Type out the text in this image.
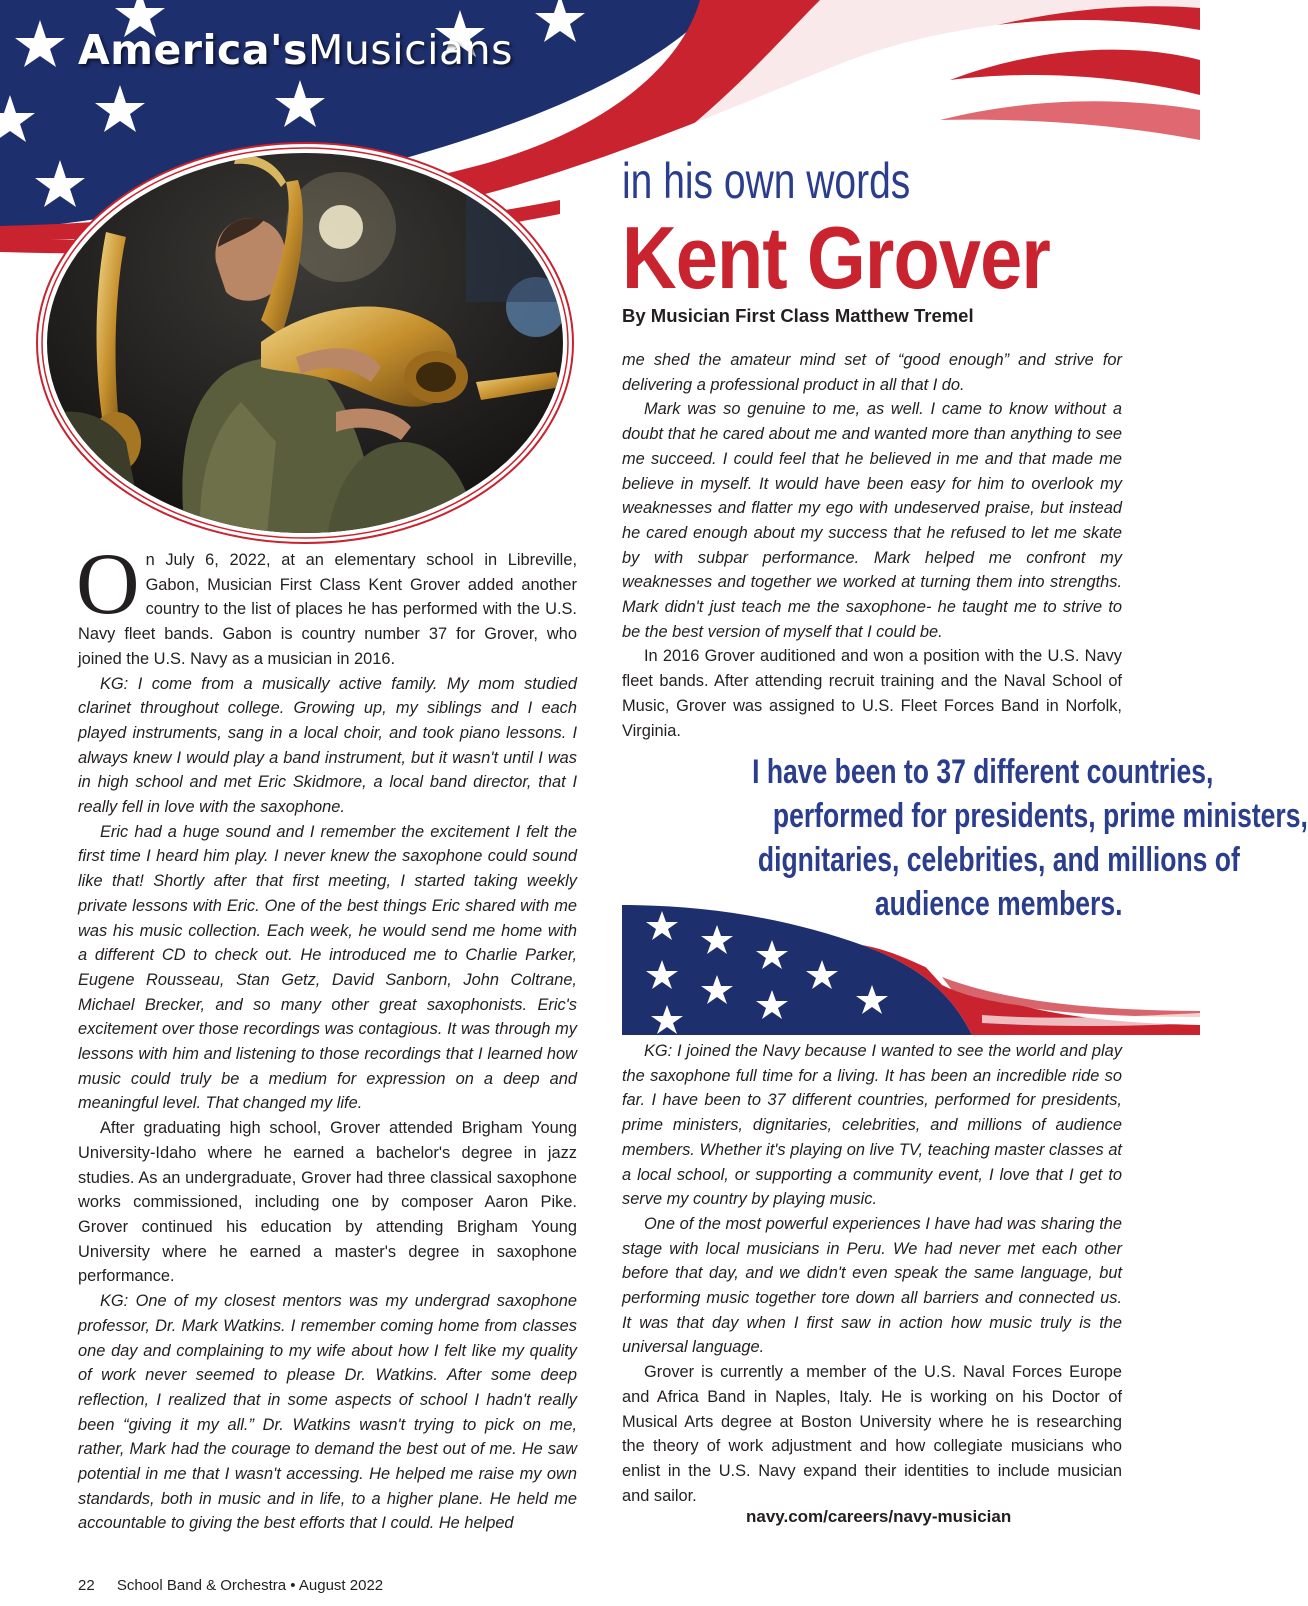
America'sMusicians
in his own words
Kent Grover
By Musician First Class Matthew Tremel

On July 6, 2022, at an elementary school in Libreville, Gabon, Musician First Class Kent Grover added another country to the list of places he has performed with the U.S. Navy fleet bands. Gabon is country number 37 for Grover, who joined the U.S. Navy as a musician in 2016.

KG: I come from a musically active family. My mom studied clarinet throughout college. Growing up, my siblings and I each played instruments, sang in a local choir, and took piano lessons. I always knew I would play a band instrument, but it wasn't until I was in high school and met Eric Skidmore, a local band director, that I really fell in love with the saxophone.

Eric had a huge sound and I remember the excitement I felt the first time I heard him play. I never knew the saxophone could sound like that! Shortly after that first meeting, I started taking weekly private lessons with Eric. One of the best things Eric shared with me was his music collection. Each week, he would send me home with a different CD to check out. He introduced me to Charlie Parker, Eugene Rousseau, Stan Getz, David Sanborn, John Coltrane, Michael Brecker, and so many other great saxophonists. Eric's excitement over those recordings was contagious. It was through my lessons with him and listening to those recordings that I learned how music could truly be a medium for expression on a deep and meaningful level. That changed my life.

After graduating high school, Grover attended Brigham Young University-Idaho where he earned a bachelor's degree in jazz studies. As an undergraduate, Grover had three classical saxophone works commissioned, including one by composer Aaron Pike. Grover continued his education by attending Brigham Young University where he earned a master's degree in saxophone performance.

KG: One of my closest mentors was my undergrad saxophone professor, Dr. Mark Watkins. I remember coming home from classes one day and complaining to my wife about how I felt like my quality of work never seemed to please Dr. Watkins. After some deep reflection, I realized that in some aspects of school I hadn't really been “giving it my all.” Dr. Watkins wasn't trying to pick on me, rather, Mark had the courage to demand the best out of me. He saw potential in me that I wasn't accessing. He helped me raise my own standards, both in music and in life, to a higher plane. He held me accountable to giving the best efforts that I could. He helped

me shed the amateur mind set of “good enough” and strive for delivering a professional product in all that I do.

Mark was so genuine to me, as well. I came to know without a doubt that he cared about me and wanted more than anything to see me succeed. I could feel that he believed in me and that made me believe in myself. It would have been easy for him to overlook my weaknesses and flatter my ego with undeserved praise, but instead he cared enough about my success that he refused to let me skate by with subpar performance. Mark helped me confront my weaknesses and together we worked at turning them into strengths. Mark didn't just teach me the saxophone- he taught me to strive to be the best version of myself that I could be.

In 2016 Grover auditioned and won a position with the U.S. Navy fleet bands. After attending recruit training and the Naval School of Music, Grover was assigned to U.S. Fleet Forces Band in Norfolk, Virginia.

I have been to 37 different countries,
performed for presidents, prime ministers,
dignitaries, celebrities, and millions of
audience members.

KG: I joined the Navy because I wanted to see the world and play the saxophone full time for a living. It has been an incredible ride so far. I have been to 37 different countries, performed for presidents, prime ministers, dignitaries, celebrities, and millions of audience members. Whether it's playing on live TV, teaching master classes at a local school, or supporting a community event, I love that I get to serve my country by playing music.

One of the most powerful experiences I have had was sharing the stage with local musicians in Peru. We had never met each other before that day, and we didn't even speak the same language, but performing music together tore down all barriers and connected us. It was that day when I first saw in action how music truly is the universal language.

Grover is currently a member of the U.S. Naval Forces Europe and Africa Band in Naples, Italy. He is working on his Doctor of Musical Arts degree at Boston University where he is researching the theory of work adjustment and how collegiate musicians who enlist in the U.S. Navy expand their identities to include musician and sailor.

navy.com/careers/navy-musician
22 School Band & Orchestra • August 2022
